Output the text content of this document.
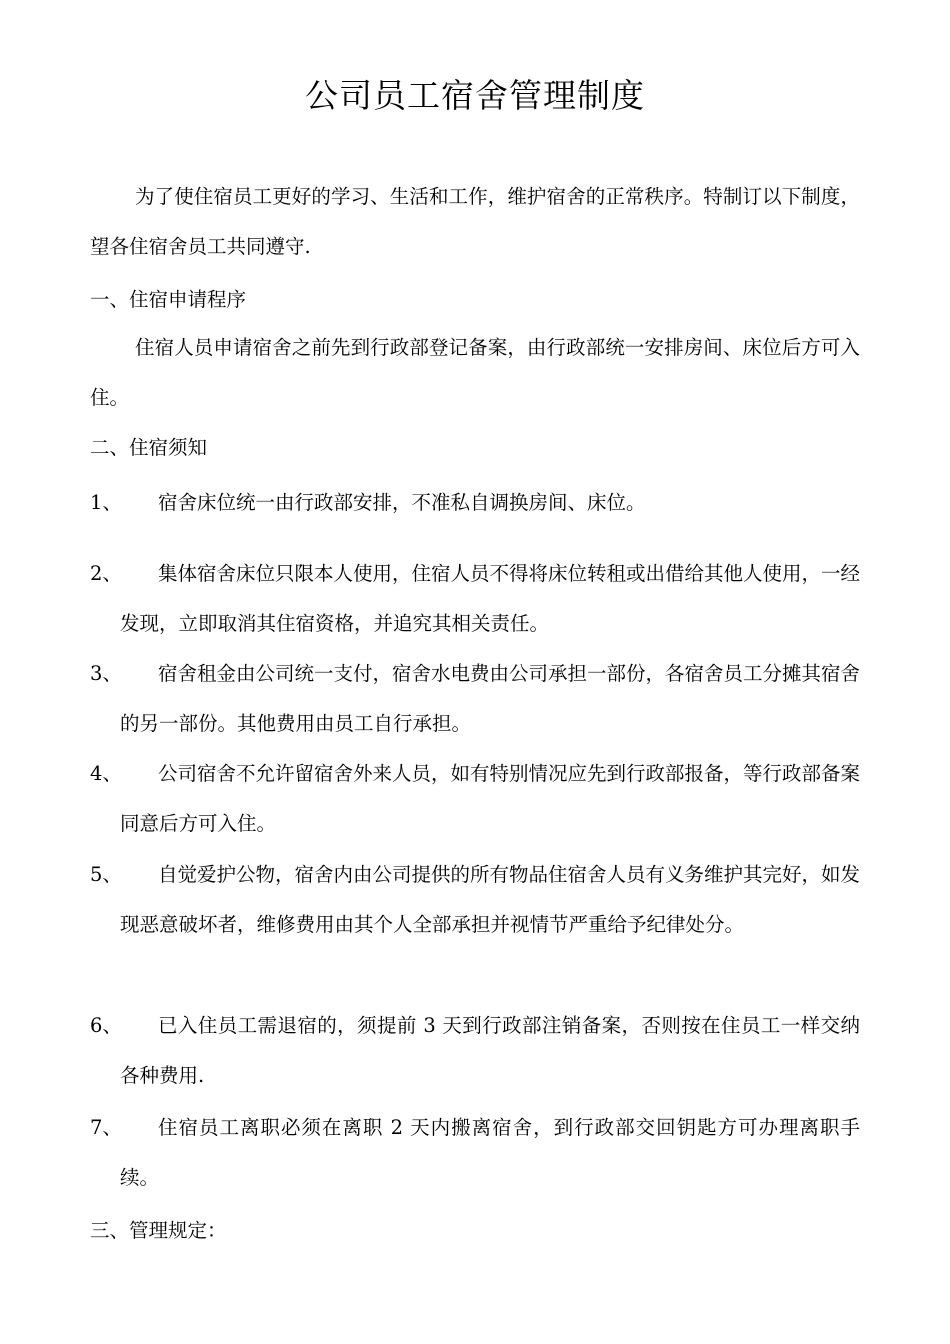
公司员工宿舍管理制度

为了使住宿员工更好的学习、生活和工作，维护宿舍的正常秩序。特制订以下制度，望各住宿舍员工共同遵守.

一、住宿申请程序

住宿人员申请宿舍之前先到行政部登记备案，由行政部统一安排房间、床位后方可入住。

二、住宿须知

1、	宿舍床位统一由行政部安排，不准私自调换房间、床位。

2、	集体宿舍床位只限本人使用，住宿人员不得将床位转租或出借给其他人使用，一经发现，立即取消其住宿资格，并追究其相关责任。

3、	宿舍租金由公司统一支付，宿舍水电费由公司承担一部份，各宿舍员工分摊其宿舍的另一部份。其他费用由员工自行承担。

4、	公司宿舍不允许留宿舍外来人员，如有特别情况应先到行政部报备，等行政部备案同意后方可入住。

5、	自觉爱护公物，宿舍内由公司提供的所有物品住宿舍人员有义务维护其完好，如发现恶意破坏者，维修费用由其个人全部承担并视情节严重给予纪律处分。

6、	已入住员工需退宿的，须提前 3 天到行政部注销备案，否则按在住员工一样交纳各种费用.

7、	住宿员工离职必须在离职 2 天内搬离宿舍，到行政部交回钥匙方可办理离职手续。

三、管理规定：
